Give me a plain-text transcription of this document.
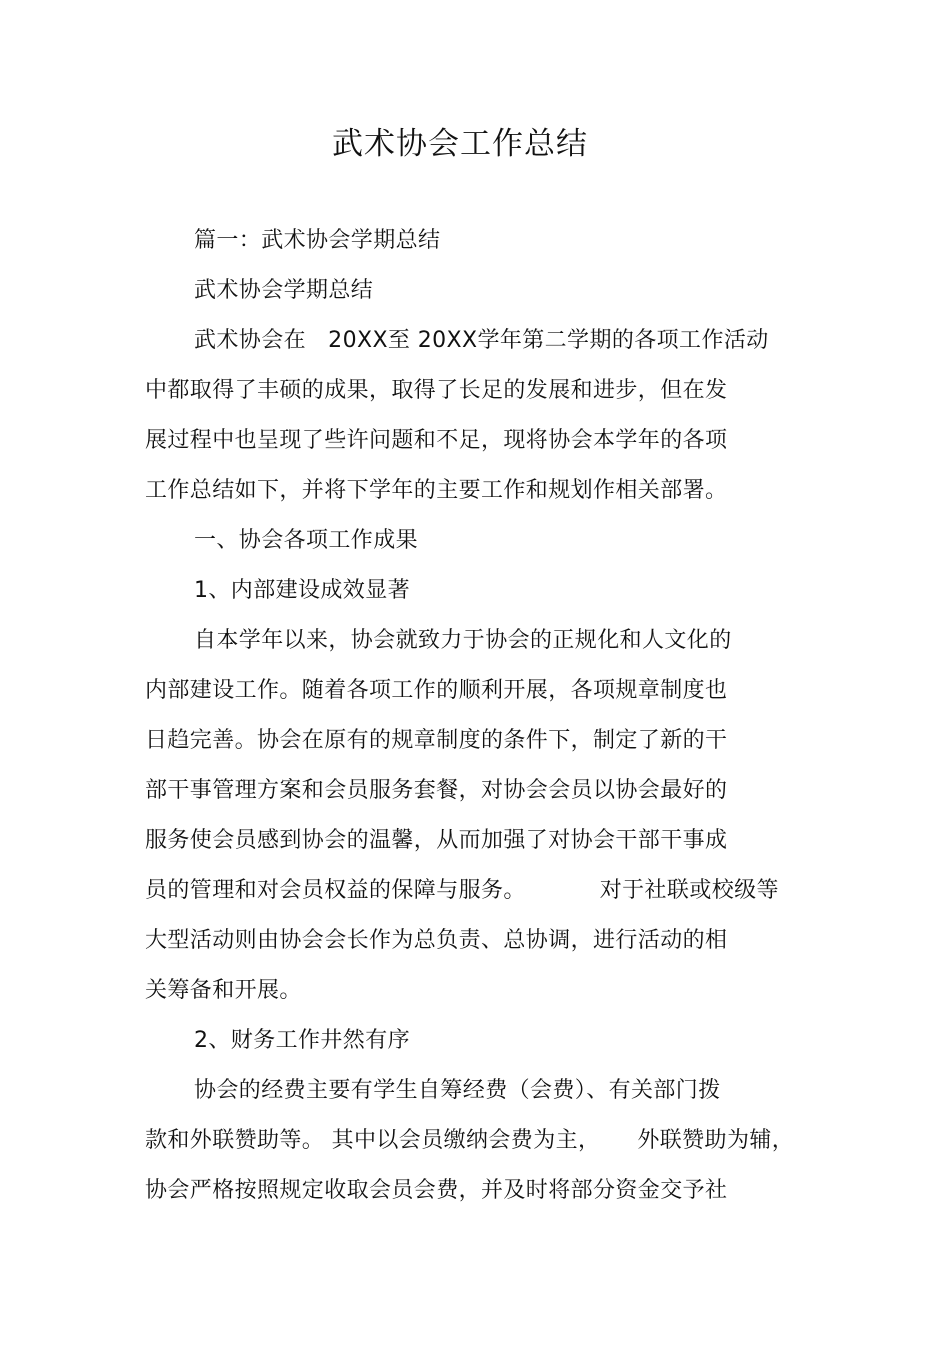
武术协会工作总结
篇一：武术协会学期总结
武术协会学期总结
武术协会在   20XX至 20XX学年第二学期的各项工作活动
中都取得了丰硕的成果，取得了长足的发展和进步，但在发
展过程中也呈现了些许问题和不足，现将协会本学年的各项
工作总结如下，并将下学年的主要工作和规划作相关部署。
一、协会各项工作成果
1、内部建设成效显著
自本学年以来，协会就致力于协会的正规化和人文化的
内部建设工作。随着各项工作的顺利开展，各项规章制度也
日趋完善。协会在原有的规章制度的条件下，制定了新的干
部干事管理方案和会员服务套餐，对协会会员以协会最好的
服务使会员感到协会的温馨，从而加强了对协会干部干事成
员的管理和对会员权益的保障与服务。          对于社联或校级等
大型活动则由协会会长作为总负责、总协调，进行活动的相
关筹备和开展。
2、财务工作井然有序
协会的经费主要有学生自筹经费（会费）、有关部门拨
款和外联赞助等。 其中以会员缴纳会费为主，     外联赞助为辅，
协会严格按照规定收取会员会费，并及时将部分资金交予社
